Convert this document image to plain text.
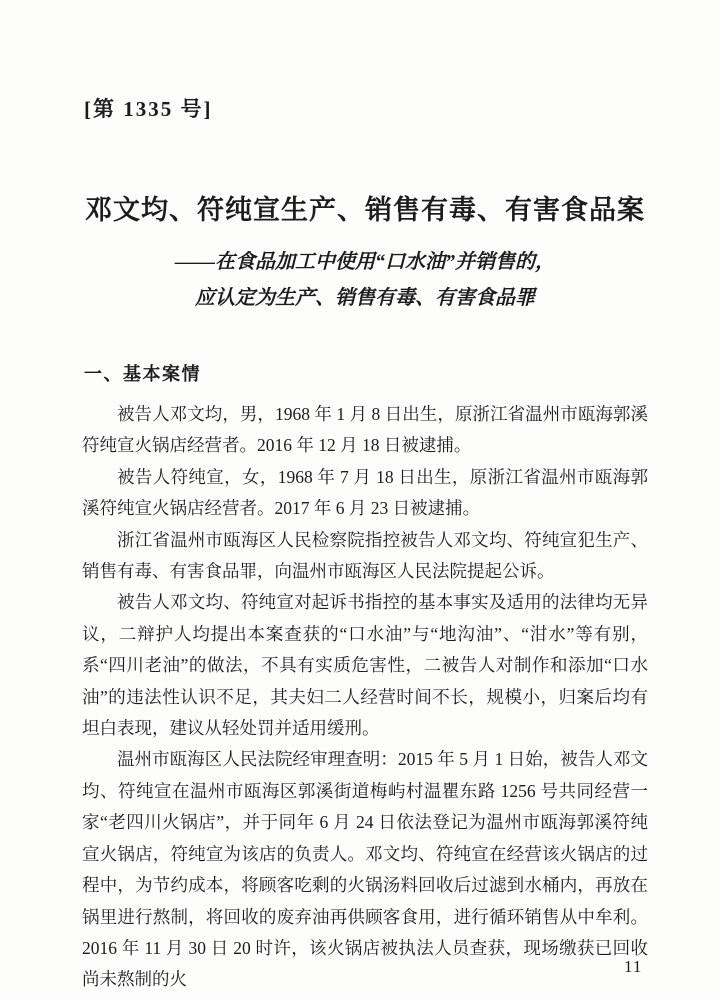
[第 1335 号]
邓文均、符纯宣生产、销售有毒、有害食品案
——在食品加工中使用“口水油”并销售的，
应认定为生产、销售有毒、有害食品罪
一、基本案情

被告人邓文均，男，1968 年 1 月 8 日出生，原浙江省温州市瓯海郭溪符纯宣火锅店经营者。2016 年 12 月 18 日被逮捕。

被告人符纯宣，女，1968 年 7 月 18 日出生，原浙江省温州市瓯海郭溪符纯宣火锅店经营者。2017 年 6 月 23 日被逮捕。

浙江省温州市瓯海区人民检察院指控被告人邓文均、符纯宣犯生产、销售有毒、有害食品罪，向温州市瓯海区人民法院提起公诉。

被告人邓文均、符纯宣对起诉书指控的基本事实及适用的法律均无异议，二辩护人均提出本案查获的“口水油”与“地沟油”、“泔水”等有别，系“四川老油”的做法，不具有实质危害性，二被告人对制作和添加“口水油”的违法性认识不足，其夫妇二人经营时间不长，规模小，归案后均有坦白表现，建议从轻处罚并适用缓刑。

温州市瓯海区人民法院经审理查明：2015 年 5 月 1 日始，被告人邓文均、符纯宣在温州市瓯海区郭溪街道梅屿村温瞿东路 1256 号共同经营一家“老四川火锅店”，并于同年 6 月 24 日依法登记为温州市瓯海郭溪符纯宣火锅店，符纯宣为该店的负责人。邓文均、符纯宣在经营该火锅店的过程中，为节约成本，将顾客吃剩的火锅汤料回收后过滤到水桶内，再放在锅里进行熬制，将回收的废弃油再供顾客食用，进行循环销售从中牟利。2016 年 11 月 30 日 20 时许，该火锅店被执法人员查获，现场缴获已回收尚未熬制的火

11
